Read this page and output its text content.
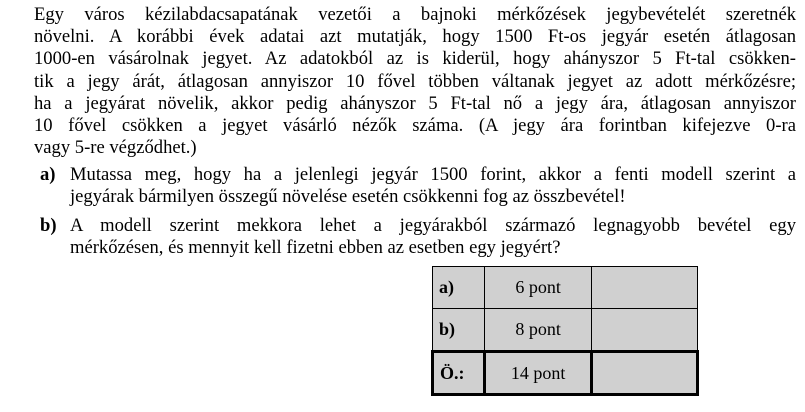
Egy város kézilabdacsapatának vezetői a bajnoki mérkőzések jegybevételét szeretnék
növelni. A korábbi évek adatai azt mutatják, hogy 1500 Ft-os jegyár esetén átlagosan
1000-en vásárolnak jegyet. Az adatokból az is kiderül, hogy ahányszor 5 Ft-tal csökken-
tik a jegy árát, átlagosan annyiszor 10 fővel többen váltanak jegyet az adott mérkőzésre;
ha a jegyárat növelik, akkor pedig ahányszor 5 Ft-tal nő a jegy ára, átlagosan annyiszor
10 fővel csökken a jegyet vásárló nézők száma. (A jegy ára forintban kifejezve 0-ra
vagy 5-re végződhet.)

a) Mutassa meg, hogy ha a jelenlegi jegyár 1500 forint, akkor a fenti modell szerint a
jegyárak bármilyen összegű növelése esetén csökkenni fog az összbevétel!
b) A modell szerint mekkora lehet a jegyárakból származó legnagyobb bevétel egy
mérkőzésen, és mennyit kell fizetni ebben az esetben egy jegyért?
a)	6 pont	
b)	8 pont	
Ö.:	14 pont	
